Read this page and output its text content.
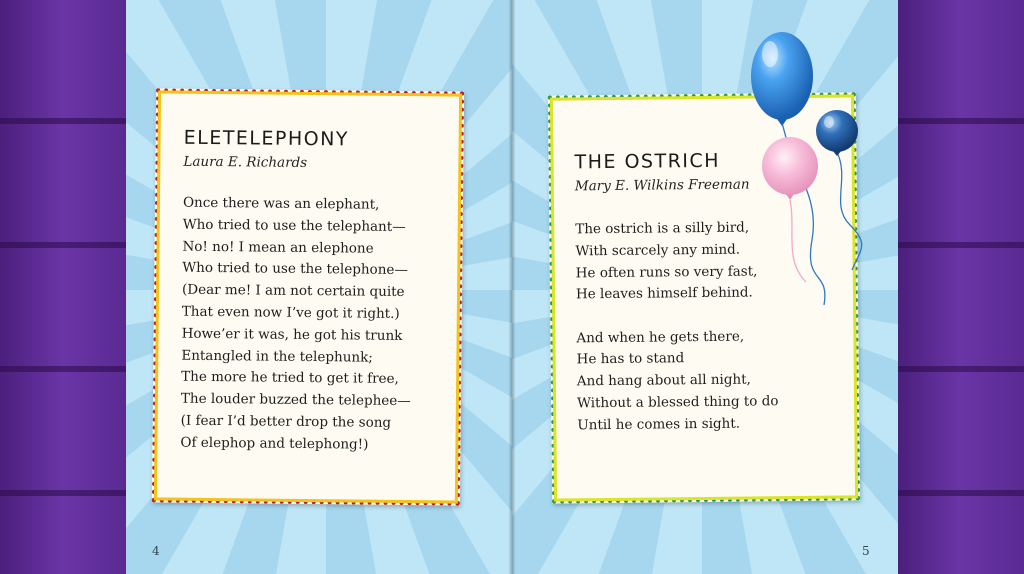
ELETELEPHONY
Laura E. Richards
Once there was an elephant,
Who tried to use the telephant—
No! no! I mean an elephone
Who tried to use the telephone—
(Dear me! I am not certain quite
That even now I’ve got it right.)
Howe’er it was, he got his trunk
Entangled in the telephunk;
The more he tried to get it free,
The louder buzzed the telephee—
(I fear I’d better drop the song
Of elephop and telephong!)
THE OSTRICH
Mary E. Wilkins Freeman
The ostrich is a silly bird,
With scarcely any mind.
He often runs so very fast,
He leaves himself behind.
And when he gets there,
He has to stand
And hang about all night,
Without a blessed thing to do
Until he comes in sight.
4	5
